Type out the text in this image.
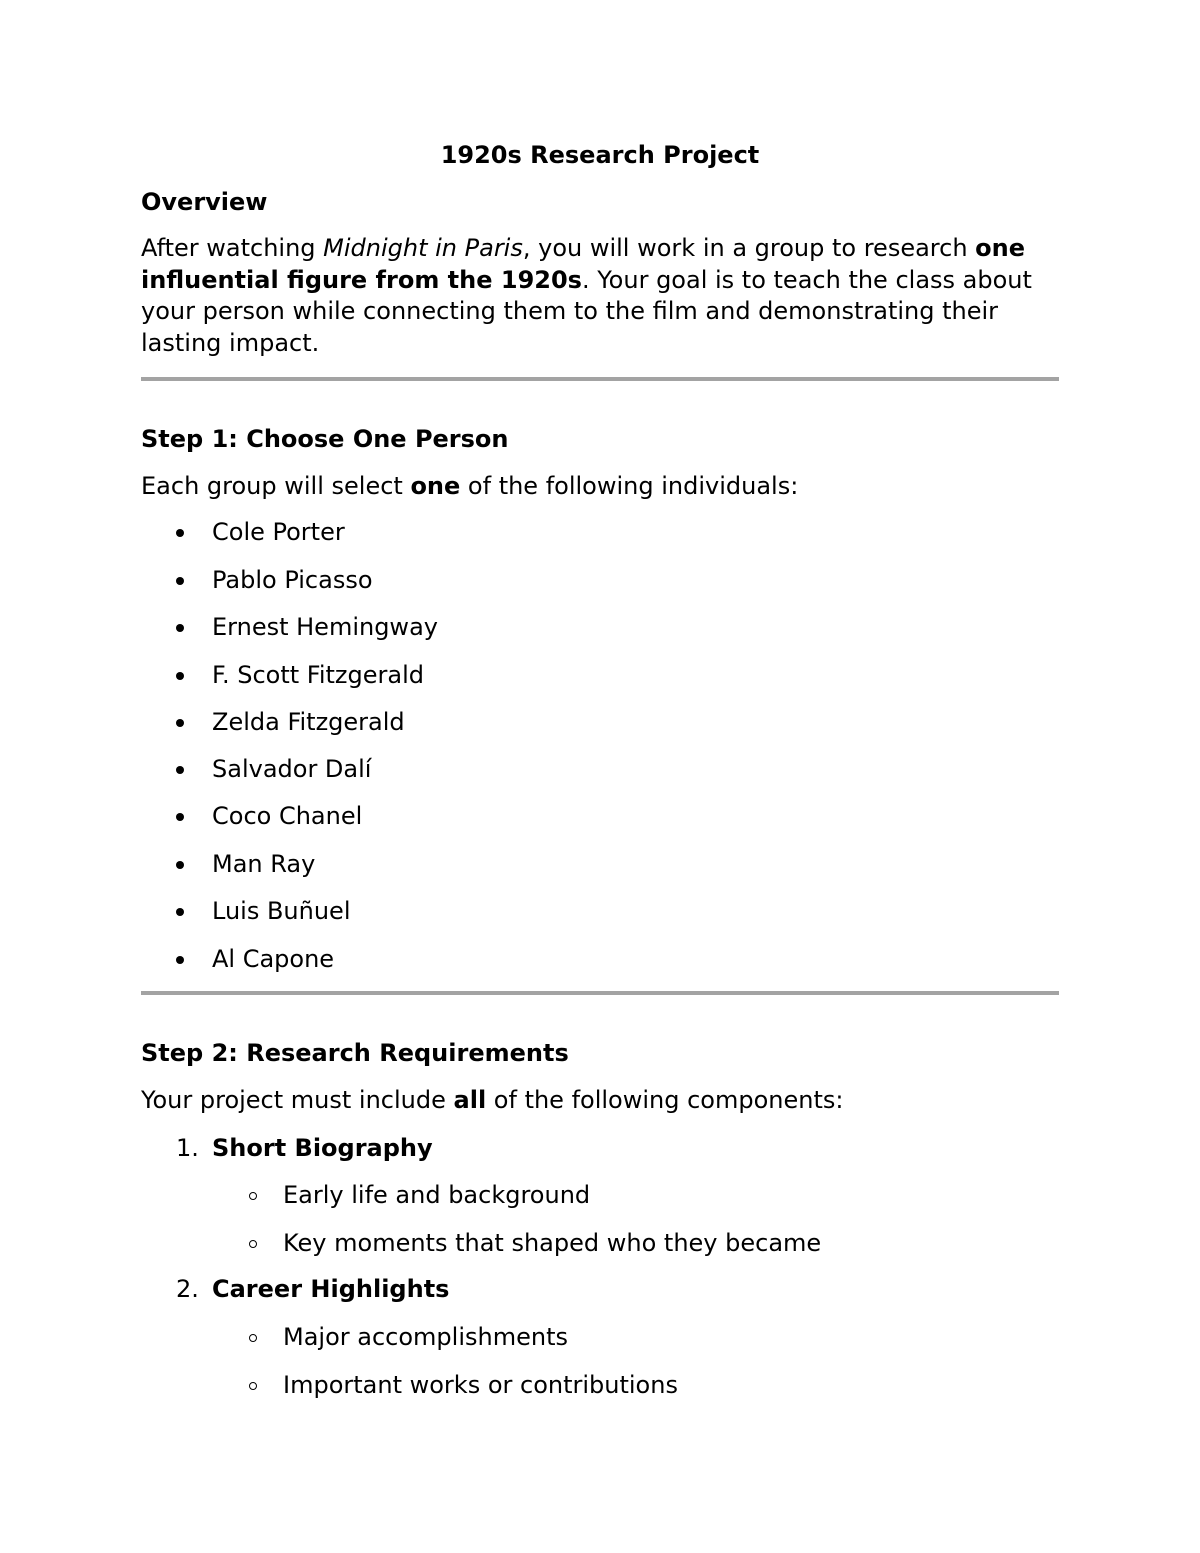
1920s Research Project
Overview
After watching Midnight in Paris, you will work in a group to research one influential figure from the 1920s. Your goal is to teach the class about your person while connecting them to the film and demonstrating their lasting impact.
Step 1: Choose One Person
Each group will select one of the following individuals:
Cole Porter
Pablo Picasso
Ernest Hemingway
F. Scott Fitzgerald
Zelda Fitzgerald
Salvador Dalí
Coco Chanel
Man Ray
Luis Buñuel
Al Capone
Step 2: Research Requirements
Your project must include all of the following components:
1. Short Biography
Early life and background
Key moments that shaped who they became
2. Career Highlights
Major accomplishments
Important works or contributions
